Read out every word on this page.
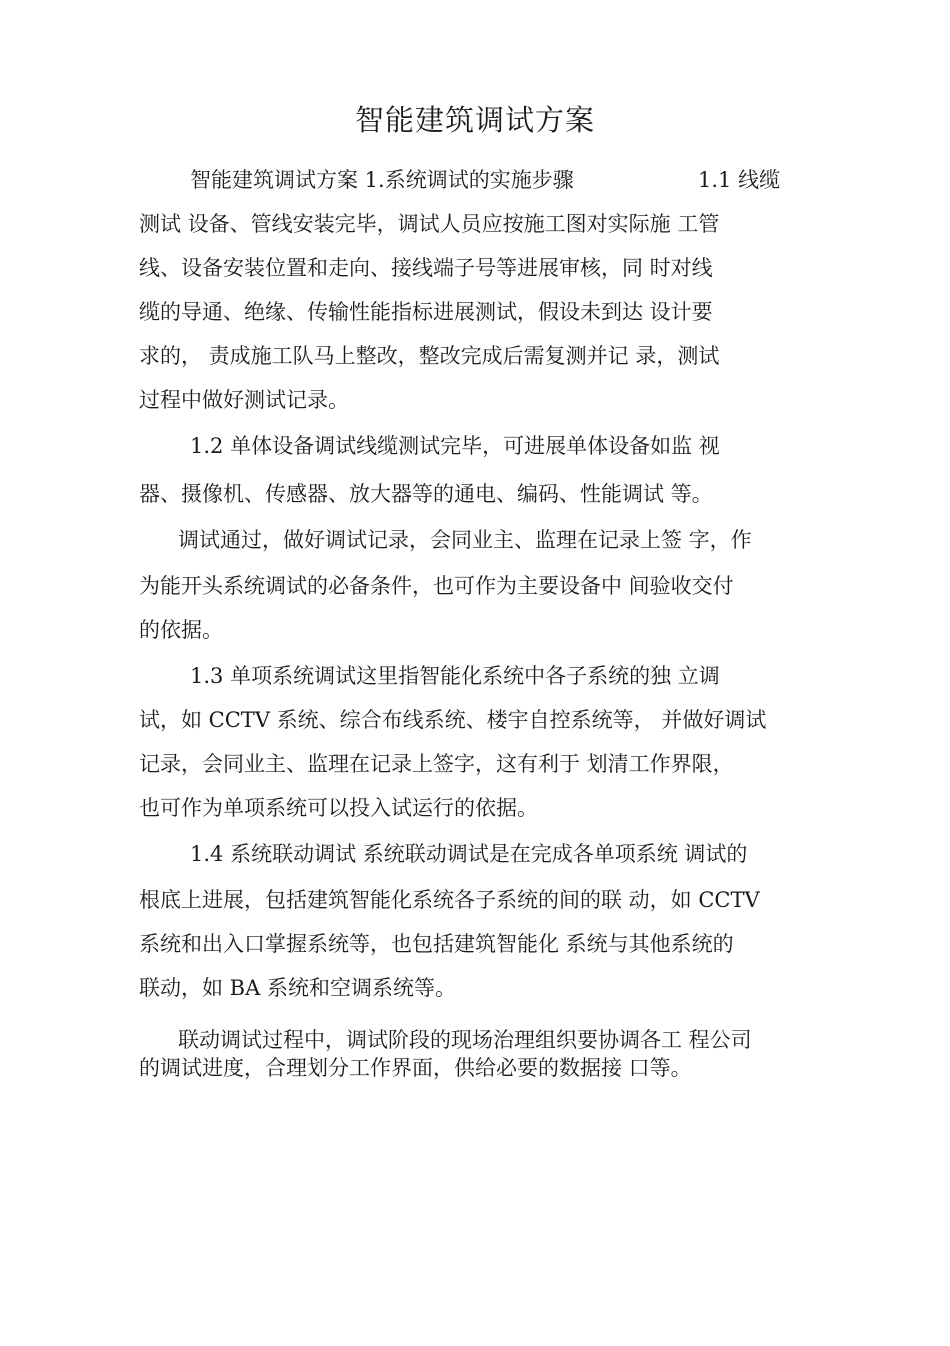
智能建筑调试方案

智能建筑调试方案 1.系统调试的实施步骤	1.1 线缆

测试 设备、管线安装完毕，调试人员应按施工图对实际施 工管

线、设备安装位置和走向、接线端子号等进展审核，同 时对线

缆的导通、绝缘、传输性能指标进展测试，假设未到达 设计要

求的， 责成施工队马上整改，整改完成后需复测并记 录，测试

过程中做好测试记录。

1.2 单体设备调试线缆测试完毕，可进展单体设备如监 视

器、摄像机、传感器、放大器等的通电、编码、性能调试 等。

调试通过，做好调试记录，会同业主、监理在记录上签 字，作

为能开头系统调试的必备条件，也可作为主要设备中 间验收交付

的依据。

1.3 单项系统调试这里指智能化系统中各子系统的独 立调

试，如 CCTV 系统、综合布线系统、楼宇自控系统等， 并做好调试

记录，会同业主、监理在记录上签字，这有利于 划清工作界限，

也可作为单项系统可以投入试运行的依据。

1.4 系统联动调试 系统联动调试是在完成各单项系统 调试的

根底上进展，包括建筑智能化系统各子系统的间的联 动，如 CCTV

系统和出入口掌握系统等，也包括建筑智能化 系统与其他系统的

联动，如 BA 系统和空调系统等。

联动调试过程中，调试阶段的现场治理组织要协调各工 程公司

的调试进度，合理划分工作界面，供给必要的数据接 口等。
